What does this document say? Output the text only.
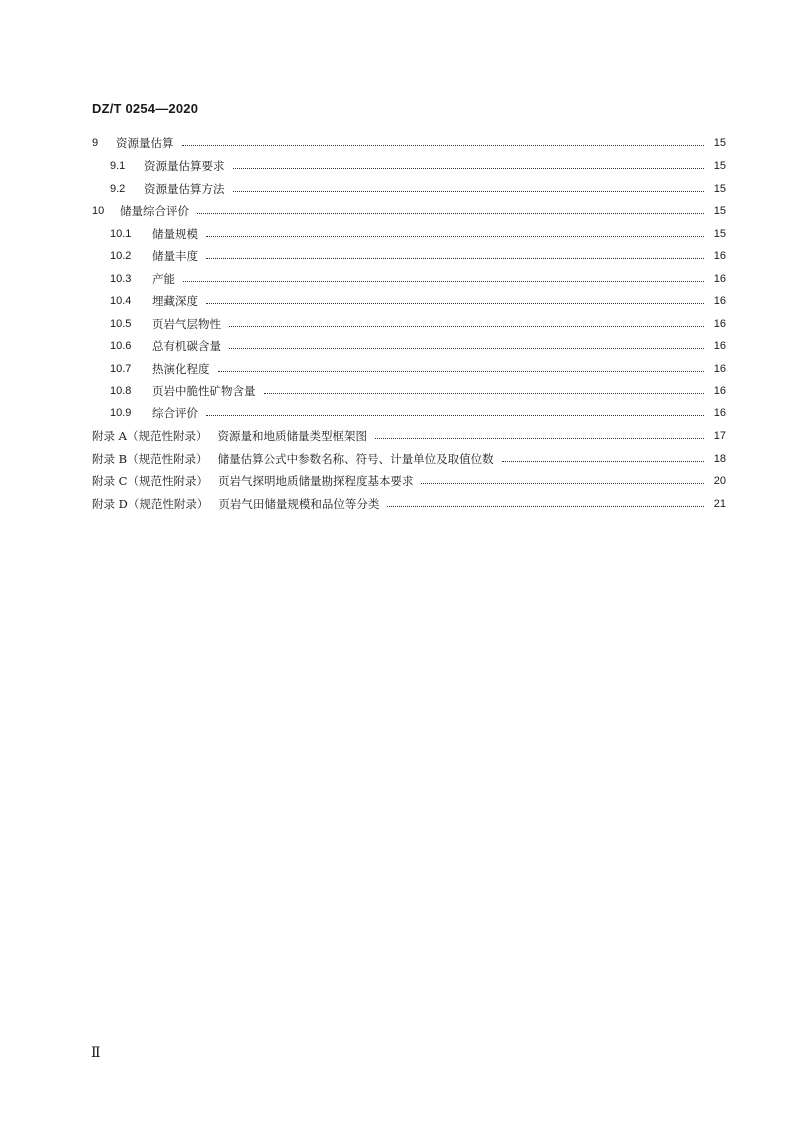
DZ/T 0254—2020
9	资源量估算	15
9.1	资源量估算要求	15
9.2	资源量估算方法	15
10	储量综合评价	15
10.1	储量规模	15
10.2	储量丰度	16
10.3	产能	16
10.4	埋藏深度	16
10.5	页岩气层物性	16
10.6	总有机碳含量	16
10.7	热演化程度	16
10.8	页岩中脆性矿物含量	16
10.9	综合评价	16
附录 A（规范性附录） 资源量和地质储量类型框架图	17
附录 B（规范性附录） 储量估算公式中参数名称、符号、计量单位及取值位数	18
附录 C（规范性附录） 页岩气探明地质储量勘探程度基本要求	20
附录 D（规范性附录） 页岩气田储量规模和品位等分类	21
Ⅱ
